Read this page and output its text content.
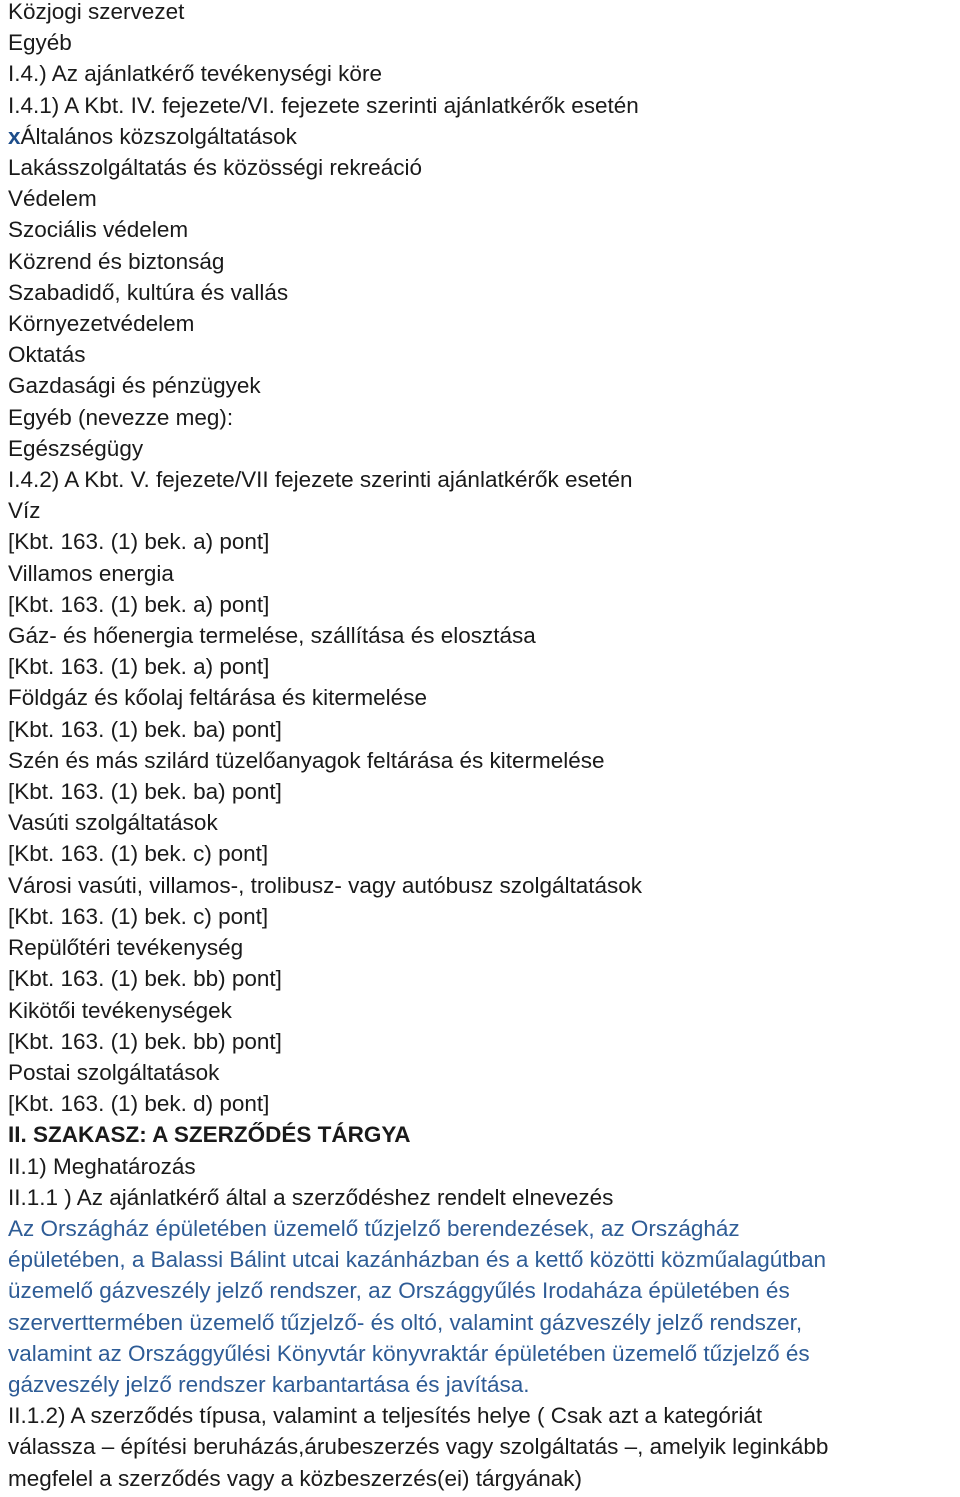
Közjogi szervezet
Egyéb
I.4.) Az ajánlatkérő tevékenységi köre
I.4.1) A Kbt. IV. fejezete/VI. fejezete szerinti ajánlatkérők esetén
xÁltalános közszolgáltatások
Lakásszolgáltatás és közösségi rekreáció
Védelem
Szociális védelem
Közrend és biztonság
Szabadidő, kultúra és vallás
Környezetvédelem
Oktatás
Gazdasági és pénzügyek
Egyéb (nevezze meg):
Egészségügy
I.4.2) A Kbt. V. fejezete/VII fejezete szerinti ajánlatkérők esetén
Víz
[Kbt. 163. (1) bek. a) pont]
Villamos energia
[Kbt. 163. (1) bek. a) pont]
Gáz- és hőenergia termelése, szállítása és elosztása
[Kbt. 163. (1) bek. a) pont]
Földgáz és kőolaj feltárása és kitermelése
[Kbt. 163. (1) bek. ba) pont]
Szén és más szilárd tüzelőanyagok feltárása és kitermelése
[Kbt. 163. (1) bek. ba) pont]
Vasúti szolgáltatások
[Kbt. 163. (1) bek. c) pont]
Városi vasúti, villamos-, trolibusz- vagy autóbusz szolgáltatások
[Kbt. 163. (1) bek. c) pont]
Repülőtéri tevékenység
[Kbt. 163. (1) bek. bb) pont]
Kikötői tevékenységek
[Kbt. 163. (1) bek. bb) pont]
Postai szolgáltatások
[Kbt. 163. (1) bek. d) pont]
II. SZAKASZ: A SZERZŐDÉS TÁRGYA
II.1) Meghatározás
II.1.1 ) Az ajánlatkérő által a szerződéshez rendelt elnevezés
Az Országház épületében üzemelő tűzjelző berendezések, az Országház
épületében, a Balassi Bálint utcai kazánházban és a kettő közötti közműalagútban
üzemelő gázveszély jelző rendszer, az Országgyűlés Irodaháza épületében és
szerverttermében üzemelő tűzjelző- és oltó, valamint gázveszély jelző rendszer,
valamint az Országgyűlési Könyvtár könyvraktár épületében üzemelő tűzjelző és
gázveszély jelző rendszer karbantartása és javítása.
II.1.2) A szerződés típusa, valamint a teljesítés helye ( Csak azt a kategóriát
válassza – építési beruházás,árubeszerzés vagy szolgáltatás –, amelyik leginkább
megfelel a szerződés vagy a közbeszerzés(ei) tárgyának)
